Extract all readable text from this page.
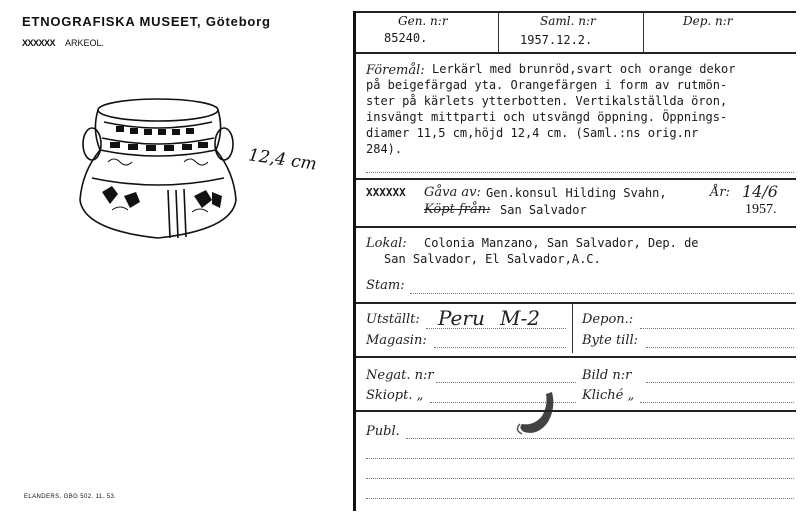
ETNOGRAFISKA MUSEET, Göteborg
XXXXXX ARKEOL.
12,4 cm
ELANDERS, GBG 502. 11. 53.
Gen. n:r
85240.
Saml. n:r
1957.12.2.
Dep. n:r
Föremål: Lerkärl med brunröd,svart och orange dekor
på beigefärgad yta. Orangefärgen i form av rutmön-
ster på kärlets ytterbotten. Vertikalställda öron,
insvängt mittparti och utsvängd öppning. Öppnings-
diamer 11,5 cm,höjd 12,4 cm. (Saml.:ns orig.nr
284).
XXXXXX Gåva av: Gen.konsul Hilding Svahn,	År: 14/6
Köpt från: San Salvador	1957.
Lokal: Colonia Manzano, San Salvador, Dep. de
San Salvador, El Salvador,A.C.
Stam:
Utställt: Peru M-2	Depon.:
Magasin:	Byte till:
Negat. n:r	Bild n:r
Skiopt. „	Kliché „
Publ.
